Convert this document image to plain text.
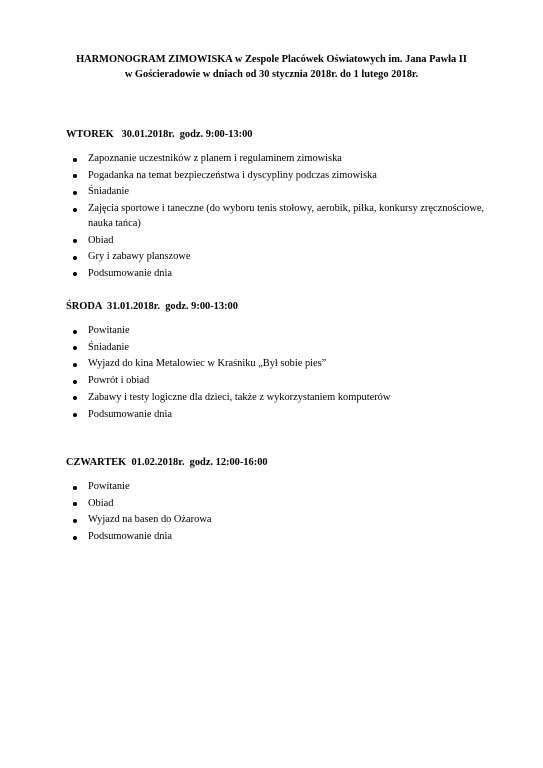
HARMONOGRAM ZIMOWISKA w Zespole Placówek Oświatowych im. Jana Pawła II
w Gościeradowie w dniach od 30 stycznia 2018r. do 1 lutego 2018r.
WTOREK   30.01.2018r.  godz. 9:00-13:00
Zapoznanie uczestników z planem i regulaminem zimowiska
Pogadanka na temat bezpieczeństwa i dyscypliny podczas zimowiska
Śniadanie
Zajęcia sportowe i taneczne (do wyboru tenis stołowy, aerobik, piłka, konkursy zręcznościowe, nauka tańca)
Obiad
Gry i zabawy planszowe
Podsumowanie dnia
ŚRODA  31.01.2018r.  godz. 9:00-13:00
Powitanie
Śniadanie
Wyjazd do kina Metalowiec w Kraśniku „Był sobie pies”
Powrót i obiad
Zabawy i testy logiczne dla dzieci, także z wykorzystaniem komputerów
Podsumowanie dnia
CZWARTEK  01.02.2018r.  godz. 12:00-16:00
Powitanie
Obiad
Wyjazd na basen do Ożarowa
Podsumowanie dnia
